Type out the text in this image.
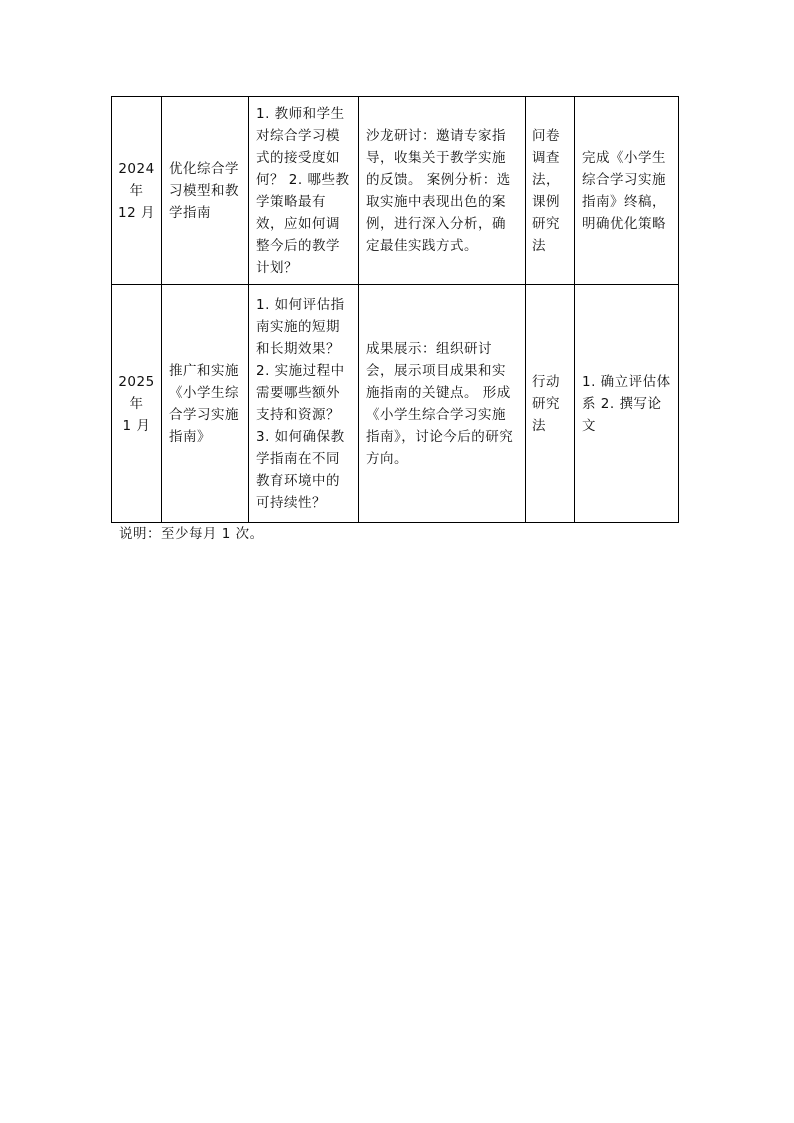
2024
年
12 月	优化综合学习模型和教学指南	1. 教师和学生对综合学习模式的接受度如何？ 2. 哪些教学策略最有效，应如何调整今后的教学计划？	沙龙研讨：邀请专家指导，收集关于教学实施的反馈。 案例分析：选取实施中表现出色的案例，进行深入分析，确定最佳实践方式。	问卷调查法，课例研究法	完成《小学生综合学习实施指南》终稿，明确优化策略

2025
年
1 月	推广和实施《小学生综合学习实施指南》	1. 如何评估指南实施的短期和长期效果？ 2. 实施过程中需要哪些额外支持和资源？ 3. 如何确保教学指南在不同教育环境中的可持续性？	成果展示：组织研讨会，展示项目成果和实施指南的关键点。 形成《小学生综合学习实施指南》，讨论今后的研究方向。	行动研究法	1. 确立评估体系 2. 撰写论文
说明：至少每月 1 次。
